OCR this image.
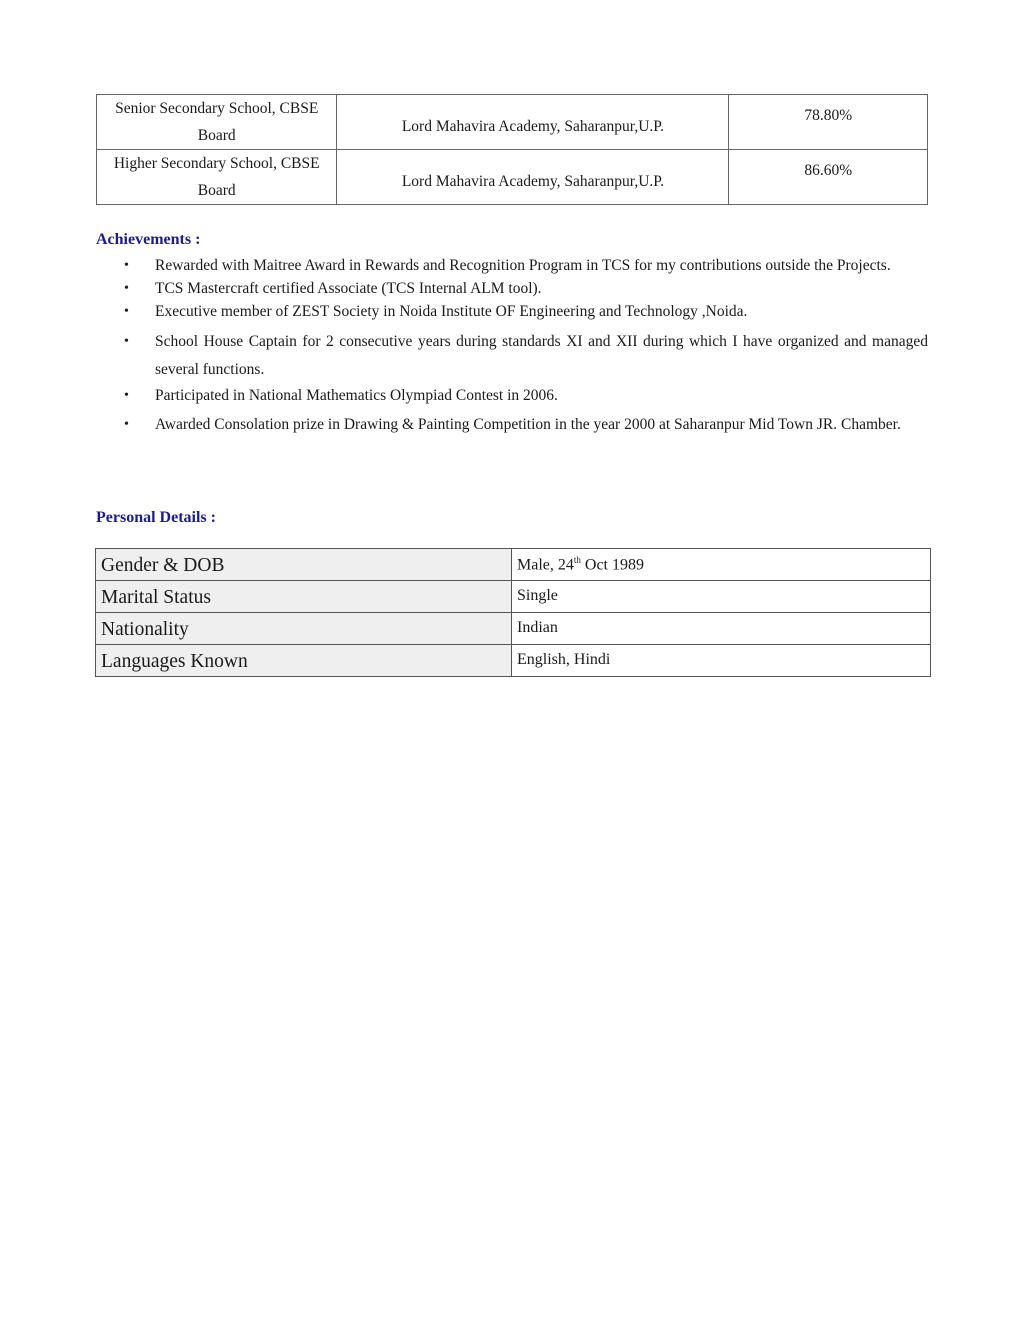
Senior Secondary School, CBSE
Board	Lord Mahavira Academy, Saharanpur,U.P.	78.80%

Higher Secondary School, CBSE
Board	Lord Mahavira Academy, Saharanpur,U.P.	86.60%
Achievements :
• Rewarded with Maitree Award in Rewards and Recognition Program in TCS for my contributions outside the Projects.
• TCS Mastercraft certified Associate (TCS Internal ALM tool).
• Executive member of ZEST Society in Noida Institute OF Engineering and Technology ,Noida.
• School House Captain for 2 consecutive years during standards XI and XII during which I have organized and managed several functions.
• Participated in National Mathematics Olympiad Contest in 2006.
• Awarded Consolation prize in Drawing & Painting Competition in the year 2000 at Saharanpur Mid Town JR. Chamber.
Personal Details :
Gender & DOB	Male, 24th Oct 1989
Marital Status	Single
Nationality	Indian
Languages Known	English, Hindi
